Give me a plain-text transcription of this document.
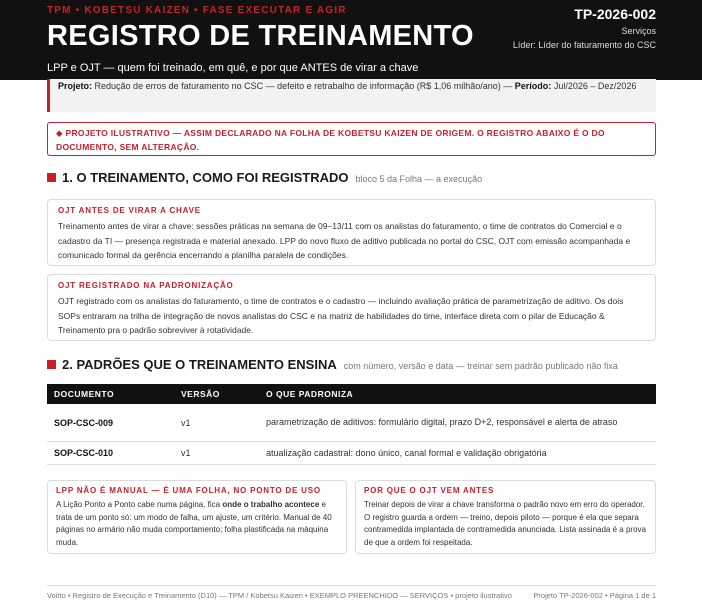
TPM • KOBETSU KAIZEN • FASE EXECUTAR E AGIR
REGISTRO DE TREINAMENTO
TP-2026-002
Serviços
Líder: Líder do faturamento do CSC
LPP e OJT — quem foi treinado, em quê, e por que ANTES de virar a chave
Projeto: Redução de erros de faturamento no CSC — defeito e retrabalho de informação (R$ 1,06 milhão/ano) — Período: Jul/2026 – Dez/2026
◆ PROJETO ILUSTRATIVO — ASSIM DECLARADO NA FOLHA DE KOBETSU KAIZEN DE ORIGEM. O REGISTRO ABAIXO É O DO DOCUMENTO, SEM ALTERAÇÃO.
1. O TREINAMENTO, COMO FOI REGISTRADO bloco 5 da Folha — a execução
OJT ANTES DE VIRAR A CHAVE
Treinamento antes de virar a chave: sessões práticas na semana de 09–13/11 com os analistas do faturamento, o time de contratos do Comercial e o cadastro da TI — presença registrada e material anexado. LPP do novo fluxo de aditivo publicada no portal do CSC, OJT com emissão acompanhada e comunicado formal da gerência encerrando a planilha paralela de condições.
OJT REGISTRADO NA PADRONIZAÇÃO
OJT registrado com os analistas do faturamento, o time de contratos e o cadastro — incluindo avaliação prática de parametrização de aditivo. Os dois SOPs entraram na trilha de integração de novos analistas do CSC e na matriz de habilidades do time, interface direta com o pilar de Educação & Treinamento pra o padrão sobreviver à rotatividade.
2. PADRÕES QUE O TREINAMENTO ENSINA com número, versão e data — treinar sem padrão publicado não fixa
DOCUMENTO	VERSÃO	O QUE PADRONIZA
SOP-CSC-009	v1	parametrização de aditivos: formulário digital, prazo D+2, responsável e alerta de atraso
SOP-CSC-010	v1	atualização cadastral: dono único, canal formal e validação obrigatória
LPP NÃO É MANUAL — É UMA FOLHA, NO PONTO DE USO
A Lição Ponto a Ponto cabe numa página, fica onde o trabalho acontece e trata de um ponto só: um modo de falha, um ajuste, um critério. Manual de 40 páginas no armário não muda comportamento; folha plastificada na máquina muda.
POR QUE O OJT VEM ANTES
Treinar depois de virar a chave transforma o padrão novo em erro do operador. O registro guarda a ordem — treino, depois piloto — porque é ela que separa contramedida implantada de contramedida anunciada. Lista assinada é a prova de que a ordem foi respeitada.
Voitto • Registro de Execução e Treinamento (D10) — TPM / Kobetsu Kaizen • EXEMPLO PREENCHIDO — SERVIÇOS • projeto ilustrativo	Projeto TP-2026-002 • Página 1 de 1
